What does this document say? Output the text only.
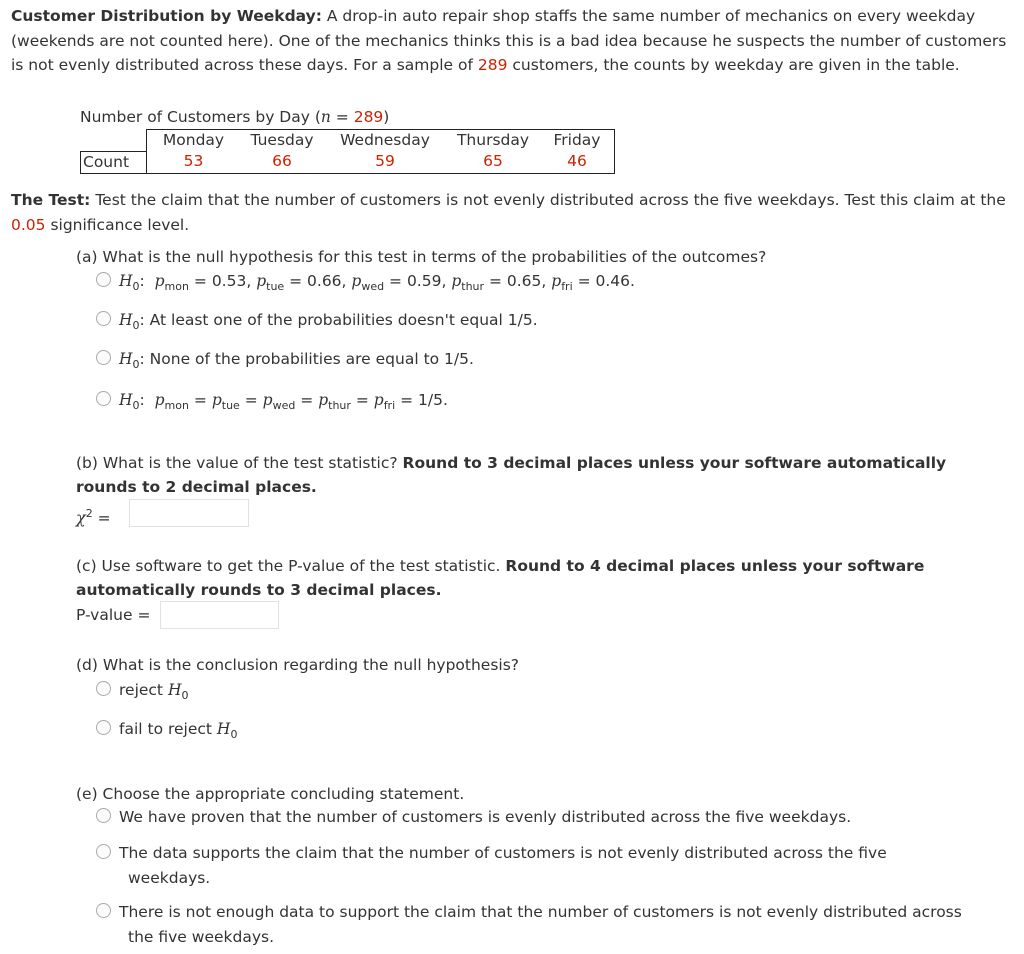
Customer Distribution by Weekday: A drop-in auto repair shop staffs the same number of mechanics on every weekday (weekends are not counted here). One of the mechanics thinks this is a bad idea because he suspects the number of customers is not evenly distributed across these days. For a sample of 289 customers, the counts by weekday are given in the table.
Number of Customers by Day (n = 289)
	Monday	Tuesday	Wednesday	Thursday	Friday
Count	53	66	59	65	46
The Test: Test the claim that the number of customers is not evenly distributed across the five weekdays. Test this claim at the 0.05 significance level.
(a) What is the null hypothesis for this test in terms of the probabilities of the outcomes?
$H_0$:  $p_{mon} = 0.53$, $p_{tue} = 0.66$, $p_{wed} = 0.59$, $p_{thur} = 0.65$, $p_{fri} = 0.46$.
$H_0$: At least one of the probabilities doesn't equal 1/5.
$H_0$: None of the probabilities are equal to 1/5.
$H_0$:  $p_{mon} = p_{tue} = p_{wed} = p_{thur} = p_{fri} = 1/5$.
(b) What is the value of the test statistic? Round to 3 decimal places unless your software automatically rounds to 2 decimal places.
$\chi^2$ =
(c) Use software to get the P-value of the test statistic. Round to 4 decimal places unless your software automatically rounds to 3 decimal places.
P-value =
(d) What is the conclusion regarding the null hypothesis?
reject $H_0$
fail to reject $H_0$
(e) Choose the appropriate concluding statement.
We have proven that the number of customers is evenly distributed across the five weekdays.
The data supports the claim that the number of customers is not evenly distributed across the five
weekdays.
There is not enough data to support the claim that the number of customers is not evenly distributed across
the five weekdays.
